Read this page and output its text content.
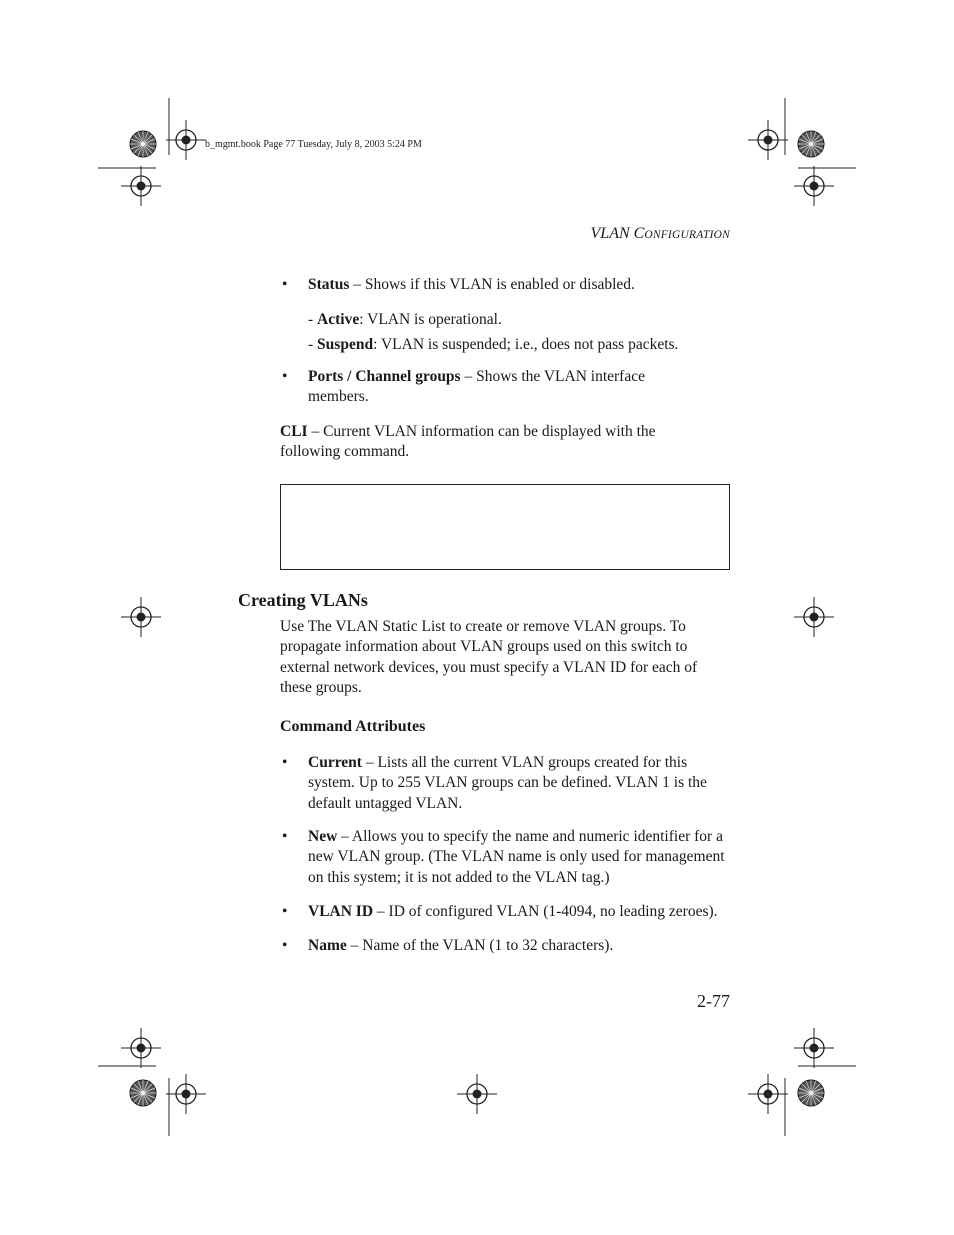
b_mgmt.book Page 77 Tuesday, July 8, 2003 5:24 PM
VLAN CONFIGURATION
• Status – Shows if this VLAN is enabled or disabled.
- Active: VLAN is operational.
- Suspend: VLAN is suspended; i.e., does not pass packets.
• Ports / Channel groups – Shows the VLAN interface members.
CLI – Current VLAN information can be displayed with the following command.
Creating VLANs
Use The VLAN Static List to create or remove VLAN groups. To propagate information about VLAN groups used on this switch to external network devices, you must specify a VLAN ID for each of these groups.
Command Attributes
• Current – Lists all the current VLAN groups created for this system. Up to 255 VLAN groups can be defined. VLAN 1 is the default untagged VLAN.
• New – Allows you to specify the name and numeric identifier for a new VLAN group. (The VLAN name is only used for management on this system; it is not added to the VLAN tag.)
• VLAN ID – ID of configured VLAN (1-4094, no leading zeroes).
• Name – Name of the VLAN (1 to 32 characters).
2-77
